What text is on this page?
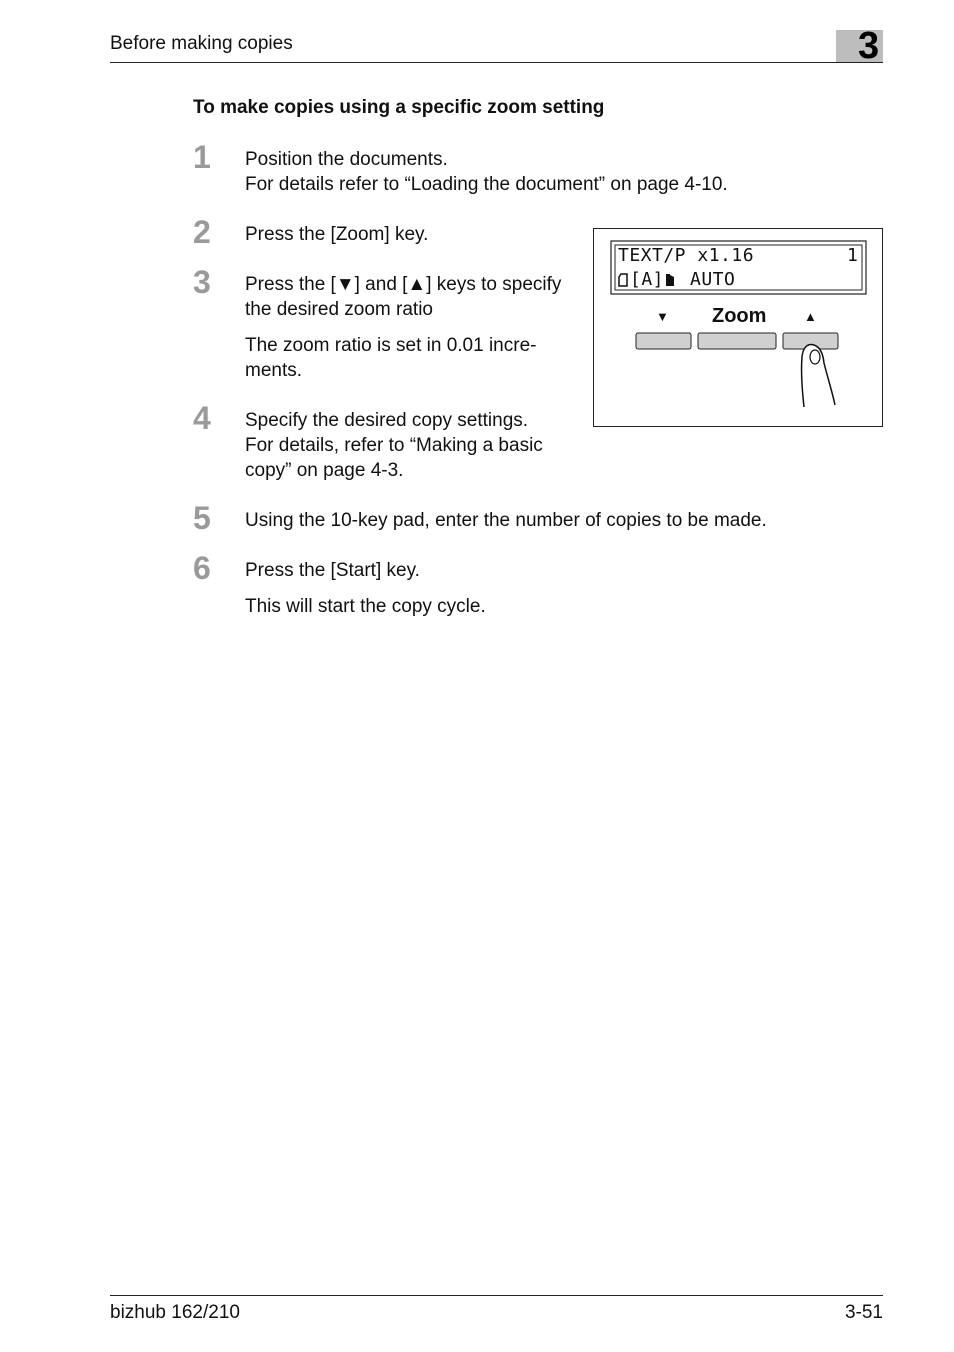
Before making copies	3
To make copies using a specific zoom setting
1 Position the documents.
For details refer to “Loading the document” on page 4-10.
2 Press the [Zoom] key.
3 Press the [▼] and [▲] keys to specify
the desired zoom ratio
The zoom ratio is set in 0.01 incre-
ments.
4 Specify the desired copy settings.
For details, refer to “Making a basic
copy” on page 4-3.
5 Using the 10-key pad, enter the number of copies to be made.
6 Press the [Start] key.
This will start the copy cycle.
TEXT/P x1.16	1
[A] AUTO
▼ Zoom	▲
bizhub 162/210	3-51
